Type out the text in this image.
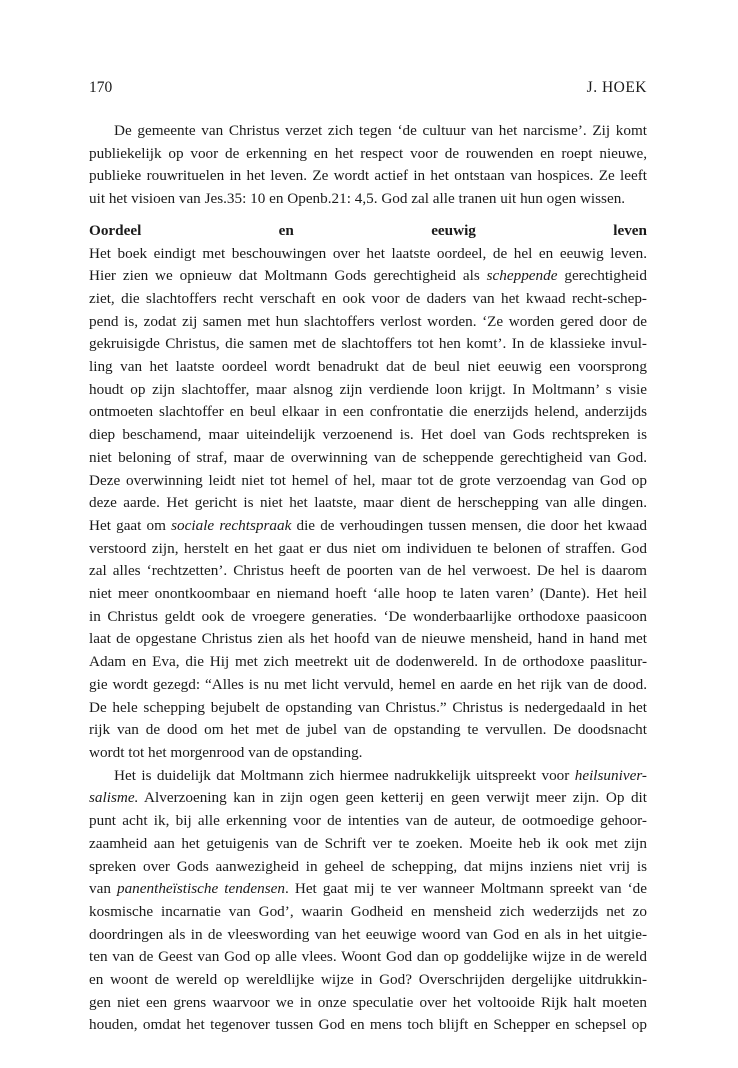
170	J. HOEK

De gemeente van Christus verzet zich tegen ‘de cultuur van het narcisme’. Zij komt

publiekelijk op voor de erkenning en het respect voor de rouwenden en roept nieuwe,

publieke rouwrituelen in het leven. Ze wordt actief in het ontstaan van hospices. Ze leeft

uit het visioen van Jes.35: 10 en Openb.21: 4,5. God zal alle tranen uit hun ogen wissen.

Oordeel en eeuwig leven

Het boek eindigt met beschouwingen over het laatste oordeel, de hel en eeuwig leven.

Hier zien we opnieuw dat Moltmann Gods gerechtigheid als scheppende gerechtigheid

ziet, die slachtoffers recht verschaft en ook voor de daders van het kwaad recht-schep-

pend is, zodat zij samen met hun slachtoffers verlost worden. ‘Ze worden gered door de

gekruisigde Christus, die samen met de slachtoffers tot hen komt’. In de klassieke invul-

ling van het laatste oordeel wordt benadrukt dat de beul niet eeuwig een voorsprong

houdt op zijn slachtoffer, maar alsnog zijn verdiende loon krijgt. In Moltmann’ s visie

ontmoeten slachtoffer en beul elkaar in een confrontatie die enerzijds helend, anderzijds

diep beschamend, maar uiteindelijk verzoenend is. Het doel van Gods rechtspreken is

niet beloning of straf, maar de overwinning van de scheppende gerechtigheid van God.

Deze overwinning leidt niet tot hemel of hel, maar tot de grote verzoendag van God op

deze aarde. Het gericht is niet het laatste, maar dient de herschepping van alle dingen.

Het gaat om sociale rechtspraak die de verhoudingen tussen mensen, die door het kwaad

verstoord zijn, herstelt en het gaat er dus niet om individuen te belonen of straffen. God

zal alles ‘rechtzetten’. Christus heeft de poorten van de hel verwoest. De hel is daarom

niet meer onontkoombaar en niemand hoeft ‘alle hoop te laten varen’ (Dante). Het heil

in Christus geldt ook de vroegere generaties. ‘De wonderbaarlijke orthodoxe paasicoon

laat de opgestane Christus zien als het hoofd van de nieuwe mensheid, hand in hand met

Adam en Eva, die Hij met zich meetrekt uit de dodenwereld. In de orthodoxe paaslitur-

gie wordt gezegd: “Alles is nu met licht vervuld, hemel en aarde en het rijk van de dood.

De hele schepping bejubelt de opstanding van Christus.” Christus is nedergedaald in het

rijk van de dood om het met de jubel van de opstanding te vervullen. De doodsnacht

wordt tot het morgenrood van de opstanding.

Het is duidelijk dat Moltmann zich hiermee nadrukkelijk uitspreekt voor heilsuniver-

salisme. Alverzoening kan in zijn ogen geen ketterij en geen verwijt meer zijn. Op dit

punt acht ik, bij alle erkenning voor de intenties van de auteur, de ootmoedige gehoor-

zaamheid aan het getuigenis van de Schrift ver te zoeken. Moeite heb ik ook met zijn

spreken over Gods aanwezigheid in geheel de schepping, dat mijns inziens niet vrij is

van panentheïstische tendensen. Het gaat mij te ver wanneer Moltmann spreekt van ‘de

kosmische incarnatie van God’, waarin Godheid en mensheid zich wederzijds net zo

doordringen als in de vleeswording van het eeuwige woord van God en als in het uitgie-

ten van de Geest van God op alle vlees. Woont God dan op goddelijke wijze in de wereld

en woont de wereld op wereldlijke wijze in God? Overschrijden dergelijke uitdrukkin-

gen niet een grens waarvoor we in onze speculatie over het voltooide Rijk halt moeten

houden, omdat het tegenover tussen God en mens toch blijft en Schepper en schepsel op
